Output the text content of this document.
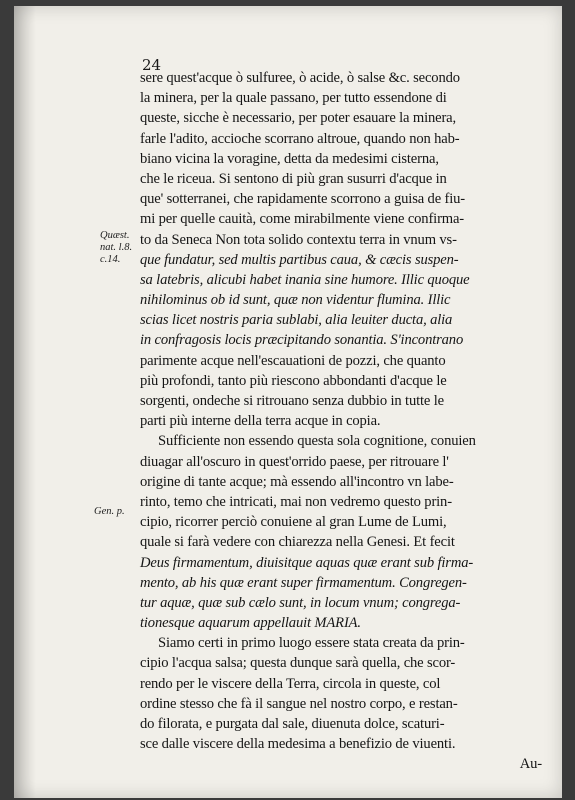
24
Quæst.
nat. l.8.
c.14.
Gen. p.
sere quest'acque ò sulfuree, ò acide, ò salse &c. secondo
la minera, per la quale passano, per tutto essendone di
queste, sicche è necessario, per poter esauare la minera,
farle l'adito, accioche scorrano altroue, quando non hab-
biano vicina la voragine, detta da medesimi cisterna,
che le riceua. Si sentono di più gran susurri d'acque in
que' sotterranei, che rapidamente scorrono a guisa de fiu-
mi per quelle cauità, come mirabilmente viene confirma-
to da Seneca Non tota solido contextu terra in vnum vs-
que fundatur, sed multis partibus caua, & cæcis suspen-
sa latebris, alicubi habet inania sine humore. Illic quoque
nihilominus ob id sunt, quæ non videntur flumina. Illic
scias licet nostris paria sublabi, alia leuiter ducta, alia
in confragosis locis præcipitando sonantia. S'incontrano
parimente acque nell'escauationi de pozzi, che quanto
più profondi, tanto più riescono abbondanti d'acque le
sorgenti, ondeche si ritrouano senza dubbio in tutte le
parti più interne della terra acque in copia.
Sufficiente non essendo questa sola cognitione, conuien
diuagar all'oscuro in quest'orrido paese, per ritrouare l'
origine di tante acque; mà essendo all'incontro vn labe-
rinto, temo che intricati, mai non vedremo questo prin-
cipio, ricorrer perciò conuiene al gran Lume de Lumi,
quale si farà vedere con chiarezza nella Genesi. Et fecit
Deus firmamentum, diuisitque aquas quæ erant sub firma-
mento, ab his quæ erant super firmamentum. Congregen-
tur aquæ, quæ sub cælo sunt, in locum vnum; congrega-
tionesque aquarum appellauit MARIA.
Siamo certi in primo luogo essere stata creata da prin-
cipio l'acqua salsa; questa dunque sarà quella, che scor-
rendo per le viscere della Terra, circola in queste, col
ordine stesso che fà il sangue nel nostro corpo, e restan-
do filorata, e purgata dal sale, diuenuta dolce, scaturi-
sce dalle viscere della medesima a benefizio de viuenti.
Au-
